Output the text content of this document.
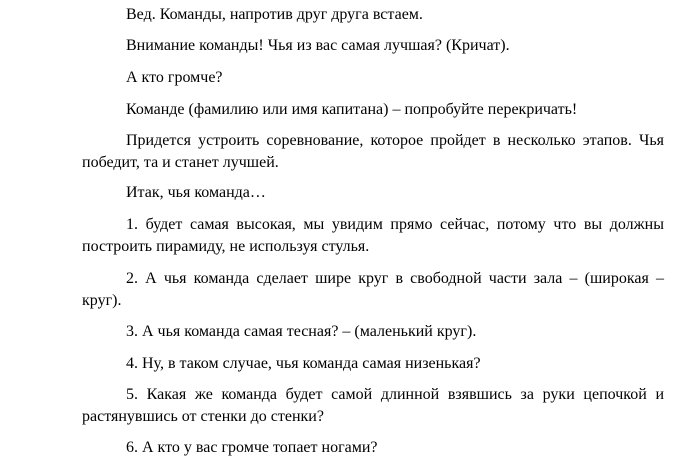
Вед. Команды, напротив друг друга встаем.

Внимание команды! Чья из вас самая лучшая? (Кричат).

А кто громче?

Команде (фамилию или имя капитана) – попробуйте перекричать!

Придется устроить соревнование, которое пройдет в несколько этапов. Чья победит, та и станет лучшей.

Итак, чья команда…

1. будет самая высокая, мы увидим прямо сейчас, потому что вы должны построить пирамиду, не используя стулья.

2. А чья команда сделает шире круг в свободной части зала – (широкая – круг).

3. А чья команда самая тесная? – (маленький круг).

4. Ну, в таком случае, чья команда самая низенькая?

5. Какая же команда будет самой длинной взявшись за руки цепочкой и растянувшись от стенки до стенки?

6. А кто у вас громче топает ногами?
